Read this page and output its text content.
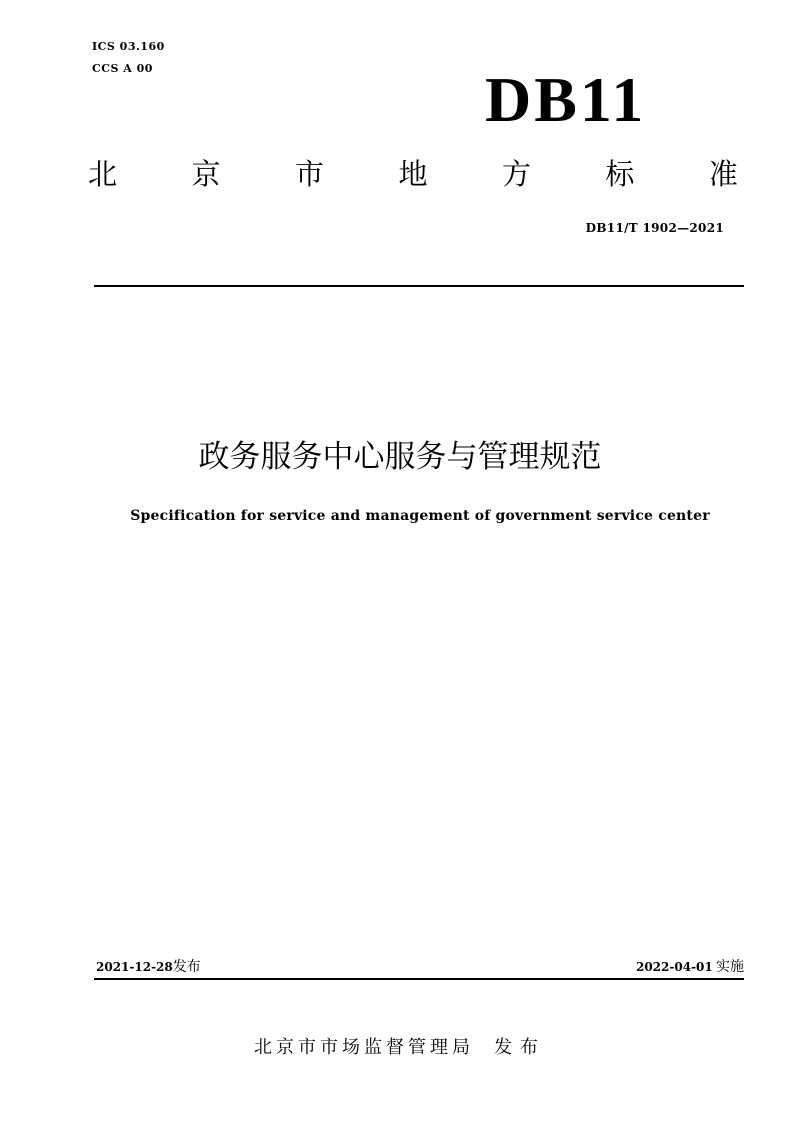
ICS 03.160
CCS A 00	DB11
北	京	市	地	方	标	准
DB11/T 1902—2021
政务服务中心服务与管理规范
Specification for service and management of government service center
2021-12-28发布	2022-04-01 实施
北京市市场监督管理局 发布
